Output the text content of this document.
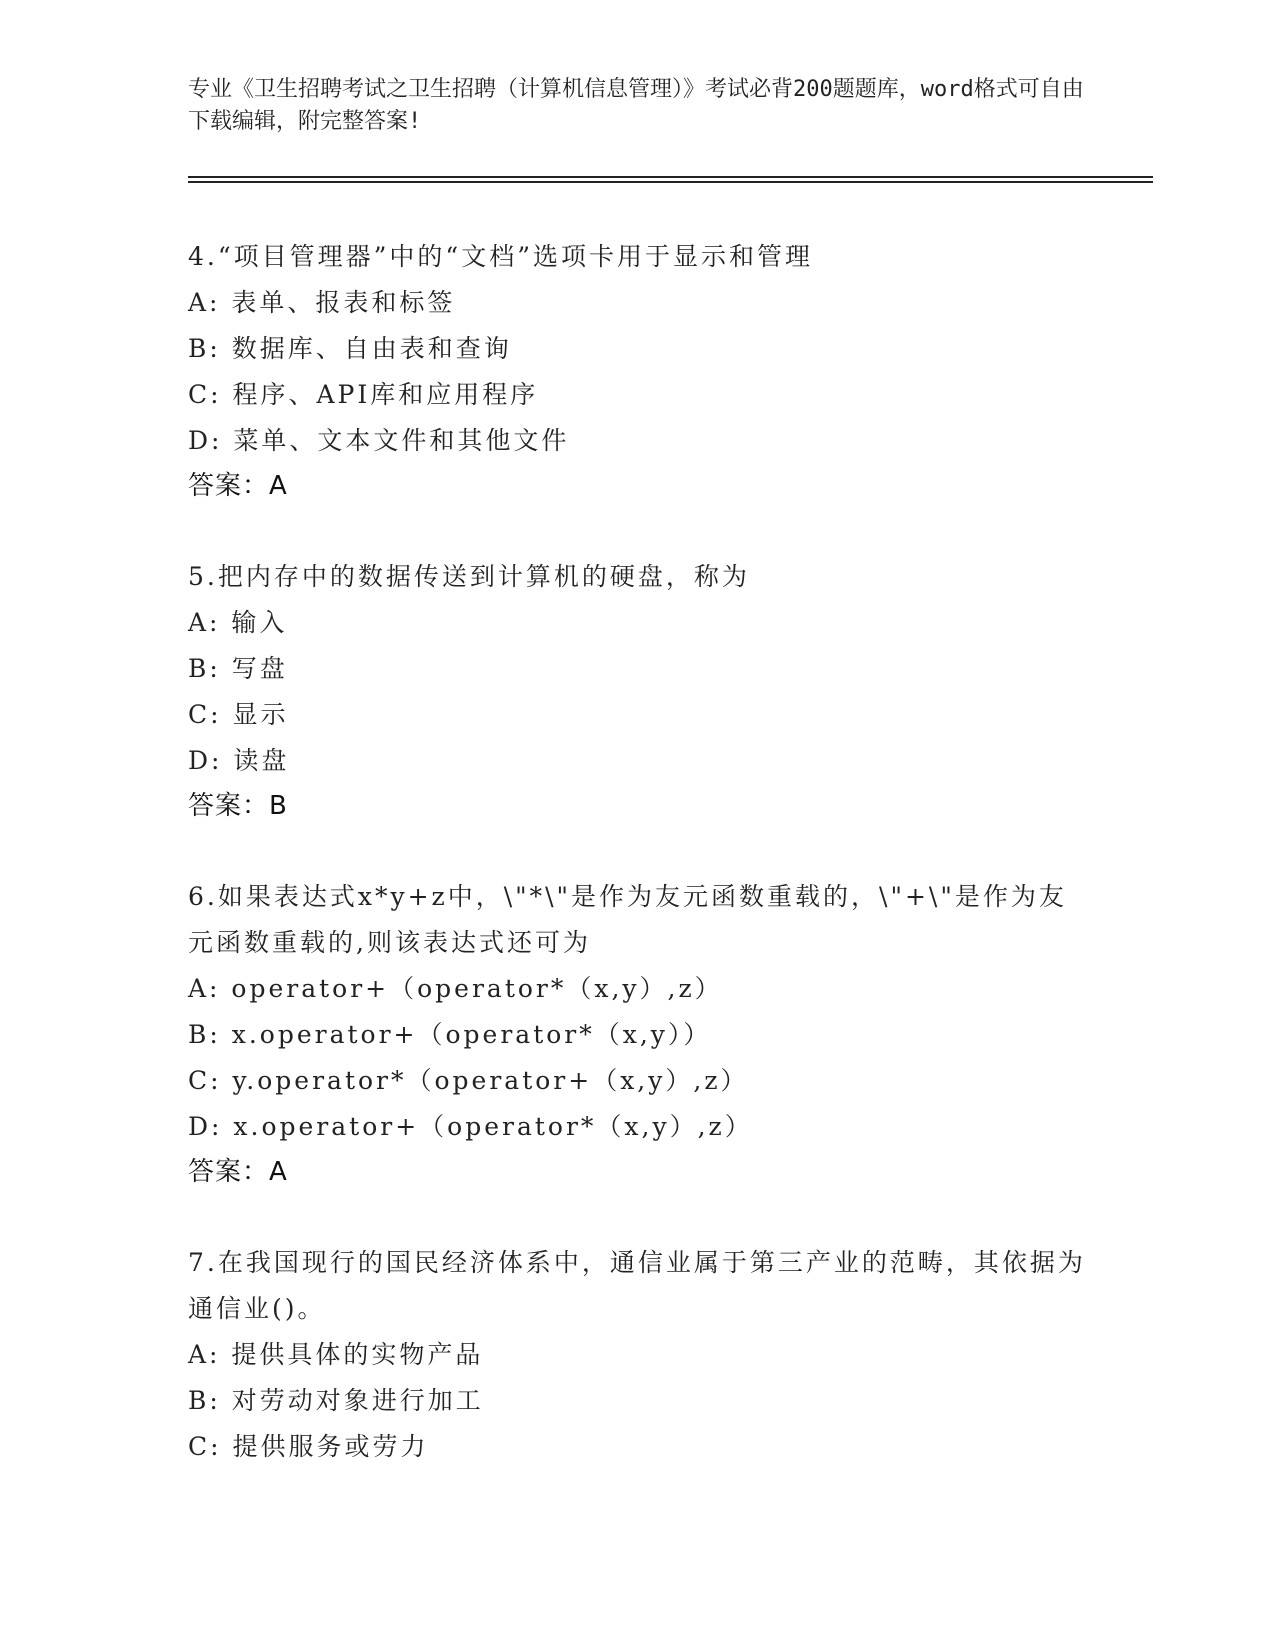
专业《卫生招聘考试之卫生招聘（计算机信息管理）》考试必背200题题库，word格式可自由下载编辑，附完整答案!
4.“项目管理器”中的“文档”选项卡用于显示和管理
A: 表单、报表和标签
B: 数据库、自由表和查询
C: 程序、API库和应用程序
D: 菜单、文本文件和其他文件
答案：A
5.把内存中的数据传送到计算机的硬盘，称为
A: 输入
B: 写盘
C: 显示
D: 读盘
答案：B
6.如果表达式x*y+z中，\"*\"是作为友元函数重载的，\"+\"是作为友元函数重载的,则该表达式还可为
A: operator+（operator*（x,y）,z）
B: x.operator+（operator*（x,y））
C: y.operator*（operator+（x,y）,z）
D: x.operator+（operator*（x,y）,z）
答案：A
7.在我国现行的国民经济体系中，通信业属于第三产业的范畴，其依据为通信业()。
A: 提供具体的实物产品
B: 对劳动对象进行加工
C: 提供服务或劳力
